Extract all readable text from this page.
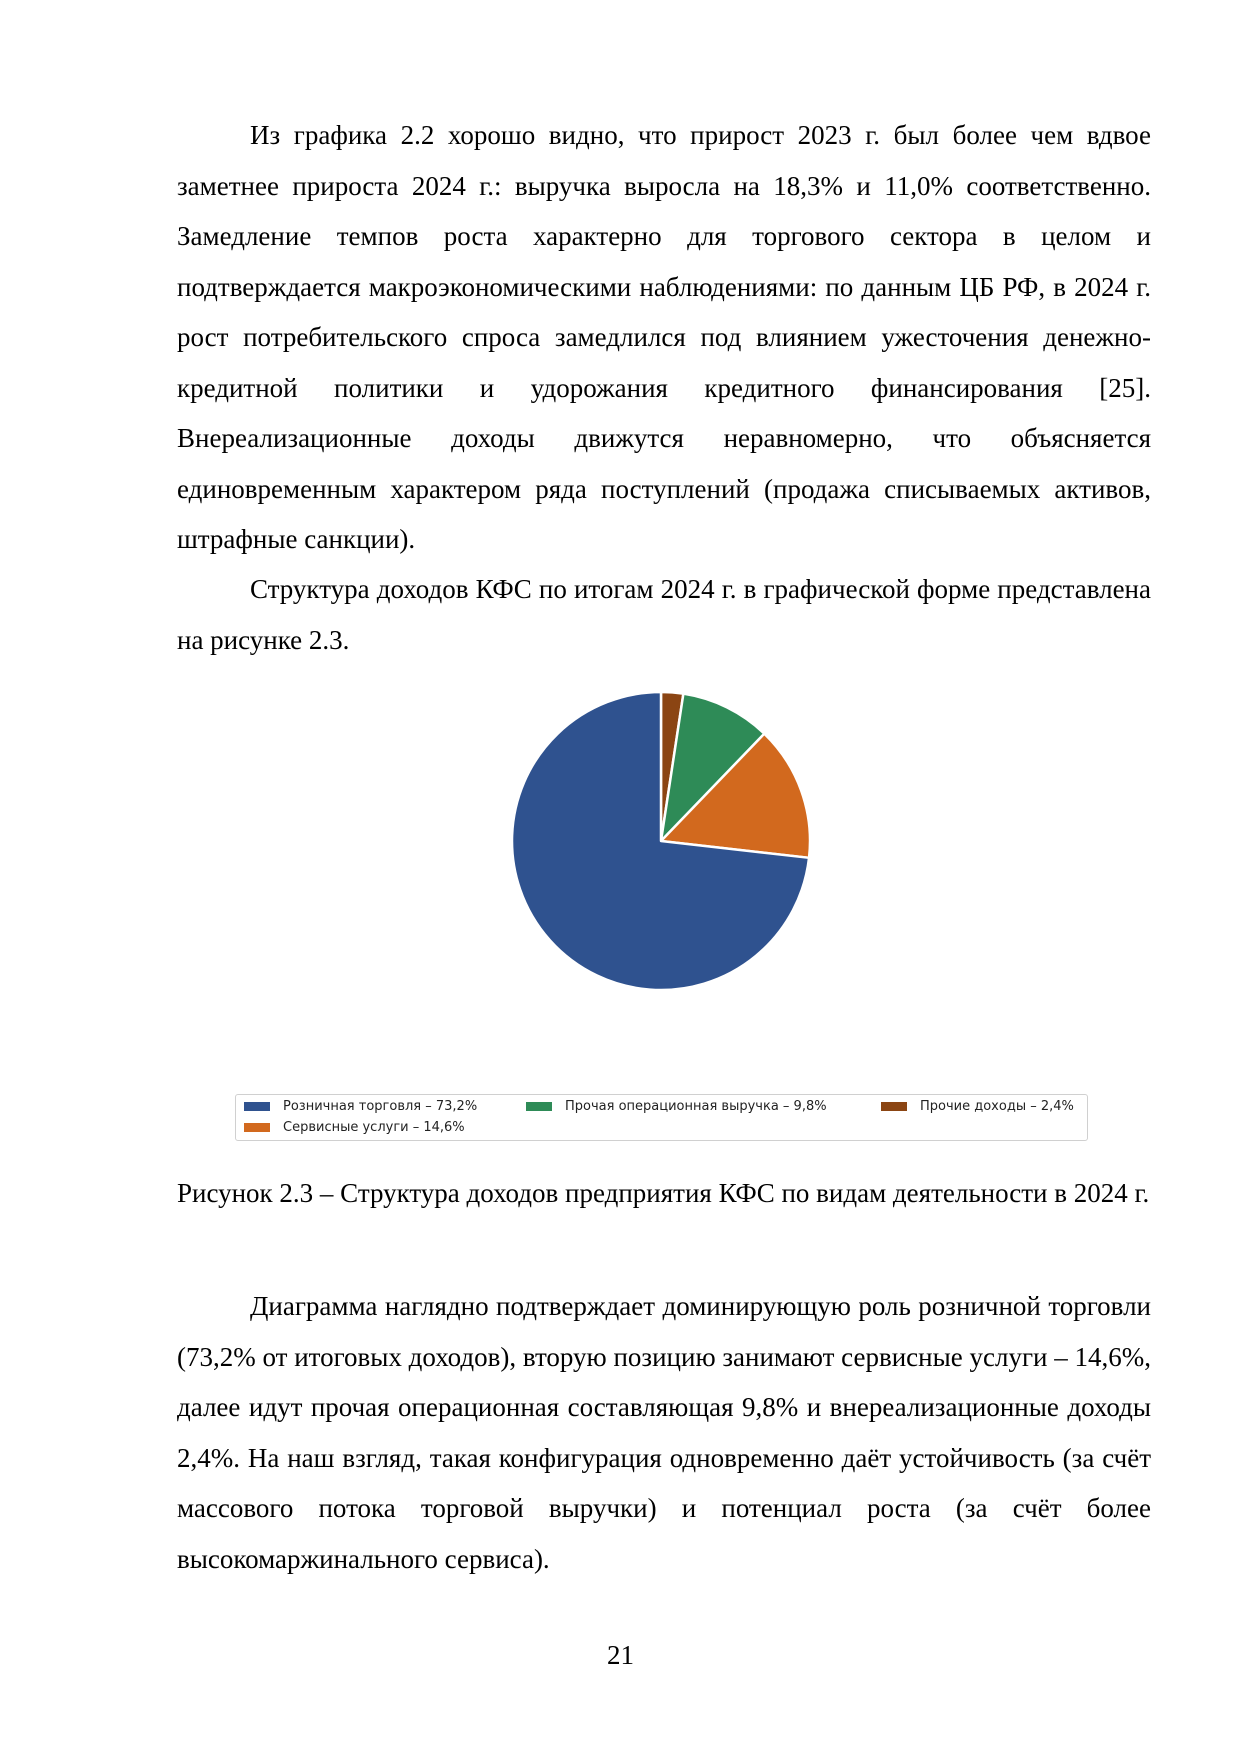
Из графика 2.2 хорошо видно, что прирост 2023 г. был более чем вдвое заметнее прироста 2024 г.: выручка выросла на 18,3% и 11,0% соответственно. Замедление темпов роста характерно для торгового сектора в целом и подтверждается макроэкономическими наблюдениями: по данным ЦБ РФ, в 2024 г. рост потребительского спроса замедлился под влиянием ужесточения денежно-кредитной политики и удорожания кредитного финансирования [25]. Внереализационные доходы движутся неравномерно, что объясняется единовременным характером ряда поступлений (продажа списываемых активов, штрафные санкции).

Структура доходов КФС по итогам 2024 г. в графической форме представлена на рисунке 2.3.

Розничная торговля – 73,2%	Прочая операционная выручка – 9,8%	Прочие доходы – 2,4%
Сервисные услуги – 14,6%

Рисунок 2.3 – Структура доходов предприятия КФС по видам деятельности в 2024 г.

Диаграмма наглядно подтверждает доминирующую роль розничной торговли (73,2% от итоговых доходов), вторую позицию занимают сервисные услуги – 14,6%, далее идут прочая операционная составляющая 9,8% и внереализационные доходы 2,4%. На наш взгляд, такая конфигурация одновременно даёт устойчивость (за счёт массового потока торговой выручки) и потенциал роста (за счёт более высокомаржинального сервиса).

21
